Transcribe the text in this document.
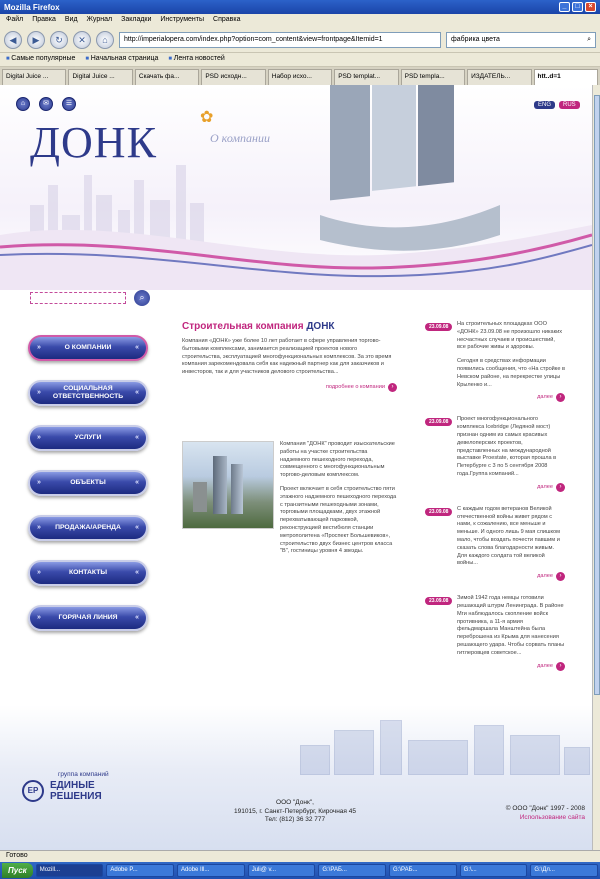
Mozilla Firefox	_	□	×
Файл Правка Вид Журнал Закладки Инструменты Справка
◀	▶	↻	✕	⌂	http://imperialopera.com/index.php?option=com_content&view=frontpage&Itemid=1	фабрика цвета	⌕
■ Самые популярные	■ Начальная страница	■ Лента новостей
Digital Juice ...	Digital Juice ...	Скачать фа...	PSD исходн...	Набор исхо...	PSD templat...	PSD templa...	ИЗДАТЕЛЬ...	htt..d=1
⌂	✉	☰	ENG	RUS
✿
ДОНК	О компании
⌕
»	О КОМПАНИИ	«
»
СОЦИАЛЬНАЯ ОТВЕТСТВЕННОСТЬ
«
»	УСЛУГИ	«
»	ОБЪЕКТЫ	«
»	ПРОДАЖА/АРЕНДА	«
»	КОНТАКТЫ	«
»	ГОРЯЧАЯ ЛИНИЯ	«
Строительная компания ДОНК

Компания «ДОНК» уже более 10 лет работает в сфере управления торгово-бытовыми комплексами, занимается реализацией проектов нового строительства, эксплуатацией многофункциональных комплексов. За это время компания зарекомендовала себя как надежный партнер как для заказчиков и инвесторов, так и для участников делового строительства...

подробнее о компании ›

Компания "ДОНК" проводит изыскательские работы на участке строительства надземного пешеходного перехода, совмещенного с многофункциональным торгово-деловым комплексом.

Проект включает в себя строительство пяти этажного надземного пешеходного перехода с транзитными пешеходными зонами, торговыми площадками, двух этажной перехватывающей парковкой, реконструкцией вестибюля станции метрополитена «Проспект Большевиков», строительство двух бизнес центров класса "В", гостиницы уровня 4 звезды.

23.09.08	На строительных площадках ООО «ДОНК» 23.09.08 не произошло никаких несчастных случаев и происшествий, все рабочие живы и здоровы.

Сегодня в средствах информации появились сообщения, что «На стройке в Невском районе, на перекрестке улицы Крыленко и...

далее ›
23.09.08	Проект многофункционального комплекса Icebridge (Ледяной мост) признан одним из самых красивых девелоперских проектов, представленных на международной выставке Proestate, которая прошла в Петербурге с 3 по 5 сентября 2008 года.Группа компаний...

далее ›
23.09.08	С каждым годом ветеранов Великой отечественной войны живет рядом с нами, к сожалению, все меньше и меньше. И одного лишь 9 мая слишком мало, чтобы воздать почести павшим и сказать слова благодарности живым. Для каждого солдата той великой войны...

далее ›
23.09.08	Зимой 1942 года немцы готовили решающий штурм Ленинграда. В районе Мги наблюдалось скопление войск противника, а 11-я армия фельдмаршала Манштейна была переброшена из Крыма для нанесения решающего удара. Чтобы сорвать планы гитлеровцев советское...

далее ›
группа компаний
ЕР	ЕДИНЫЕ
РЕШЕНИЯ
ООО "Донк",
191015, г. Санкт-Петербург, Кирочная 45
Тел: (812) 36 32 777
© ООО "Донк" 1997 - 2008
Использование сайта
Готово
Пуск	Mozill...	Adobe P...	Adobe Ill...	Juli@ v...	G:\РАБ...	G:\РАБ...	G:\...	G:\Дл...
